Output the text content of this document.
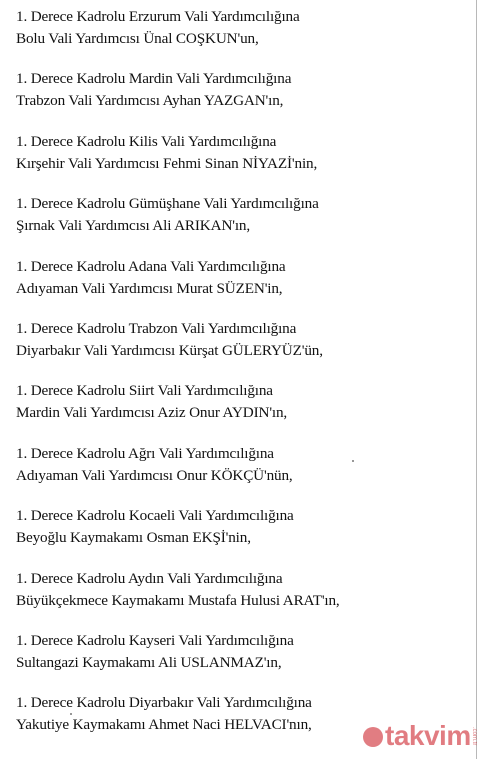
1. Derece Kadrolu Erzurum Vali Yardımcılığına
Bolu Vali Yardımcısı Ünal COŞKUN'un,
1. Derece Kadrolu Mardin Vali Yardımcılığına
Trabzon Vali Yardımcısı Ayhan YAZGAN'ın,
1. Derece Kadrolu Kilis Vali Yardımcılığına
Kırşehir Vali Yardımcısı Fehmi Sinan NİYAZİ'nin,
1. Derece Kadrolu Gümüşhane Vali Yardımcılığına
Şırnak Vali Yardımcısı Ali ARIKAN'ın,
1. Derece Kadrolu Adana Vali Yardımcılığına
Adıyaman Vali Yardımcısı Murat SÜZEN'in,
1. Derece Kadrolu Trabzon Vali Yardımcılığına
Diyarbakır Vali Yardımcısı Kürşat GÜLERYÜZ'ün,
1. Derece Kadrolu Siirt Vali Yardımcılığına
Mardin Vali Yardımcısı Aziz Onur AYDIN'ın,
1. Derece Kadrolu Ağrı Vali Yardımcılığına
Adıyaman Vali Yardımcısı Onur KÖKÇÜ'nün,
1. Derece Kadrolu Kocaeli Vali Yardımcılığına
Beyoğlu Kaymakamı Osman EKŞİ'nin,
1. Derece Kadrolu Aydın Vali Yardımcılığına
Büyükçekmece Kaymakamı Mustafa Hulusi ARAT'ın,
1. Derece Kadrolu Kayseri Vali Yardımcılığına
Sultangazi Kaymakamı Ali USLANMAZ'ın,
1. Derece Kadrolu Diyarbakır Vali Yardımcılığına
Yakutiye Kaymakamı Ahmet Naci HELVACI'nın,	takvim .com.tr
